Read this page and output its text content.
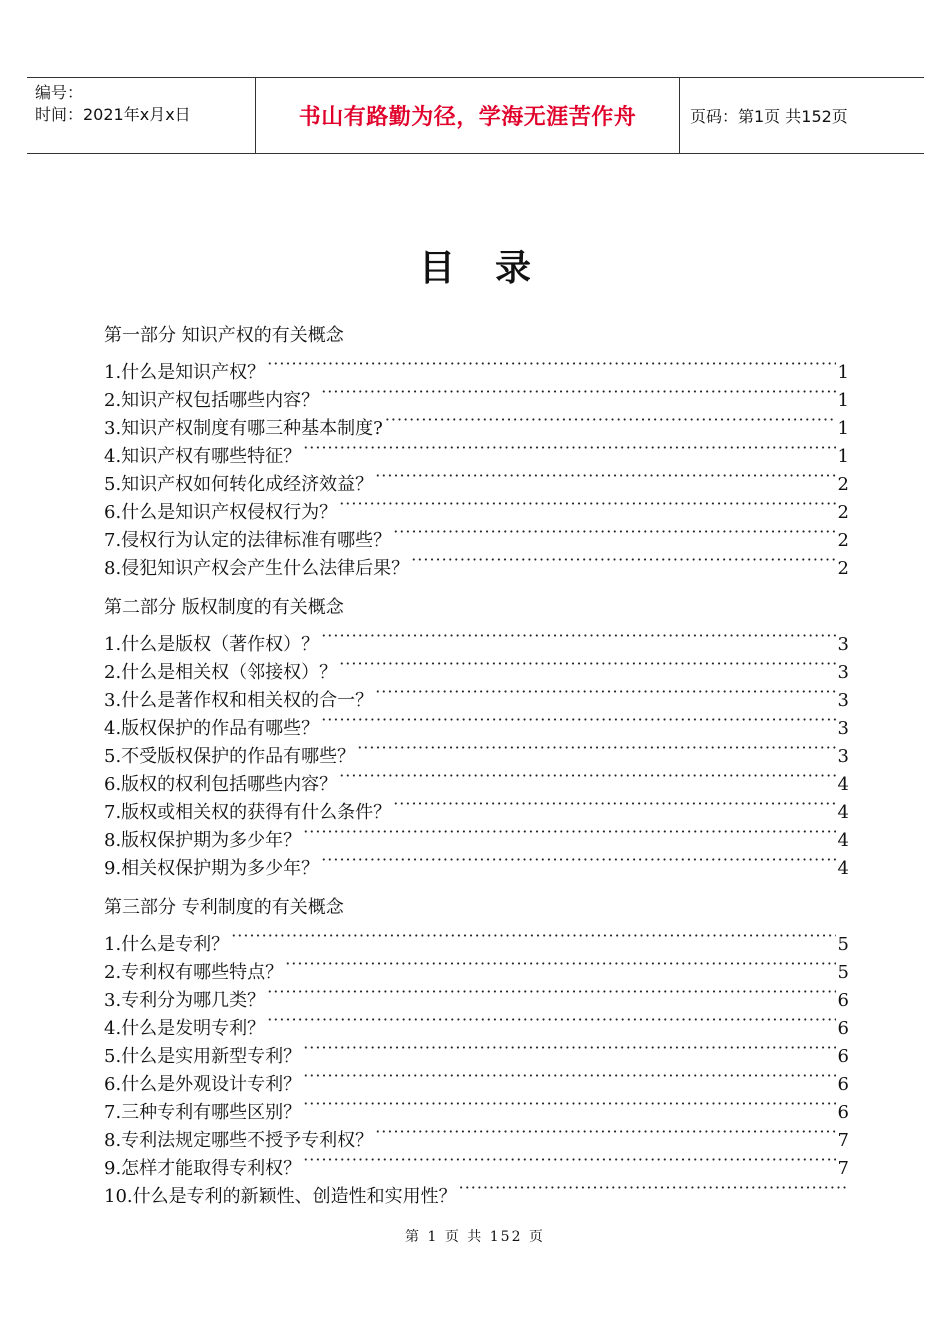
编号：
时间：2021年x月x日	书山有路勤为径，学海无涯苦作舟	页码：第1页 共152页
目录
第一部分 知识产权的有关概念
1.什么是知识产权？ ·····	1
2.知识产权包括哪些内容？ ·····	1
3.知识产权制度有哪三种基本制度? ·····	1
4.知识产权有哪些特征？ ·····	1
5.知识产权如何转化成经济效益？ ·····	2
6.什么是知识产权侵权行为？ ·····	2
7.侵权行为认定的法律标准有哪些？ ·····	2
8.侵犯知识产权会产生什么法律后果？ ·····	2
第二部分 版权制度的有关概念
1.什么是版权（著作权）？ ·····	3
2.什么是相关权（邻接权）？ ·····	3
3.什么是著作权和相关权的合一？ ·····	3
4.版权保护的作品有哪些？ ·····	3
5.不受版权保护的作品有哪些？ ·····	3
6.版权的权利包括哪些内容？ ·····	4
7.版权或相关权的获得有什么条件？ ·····	4
8.版权保护期为多少年？ ·····	4
9.相关权保护期为多少年？ ·····	4
第三部分 专利制度的有关概念
1.什么是专利？ ·····	5
2.专利权有哪些特点？ ·····	5
3.专利分为哪几类？ ·····	6
4.什么是发明专利？ ·····	6
5.什么是实用新型专利？ ·····	6
6.什么是外观设计专利？ ·····	6
7.三种专利有哪些区别？ ·····	6
8.专利法规定哪些不授予专利权？ ·····	7
9.怎样才能取得专利权？ ·····	7
10.什么是专利的新颖性、创造性和实用性？
·····
第 1 页 共 152 页
